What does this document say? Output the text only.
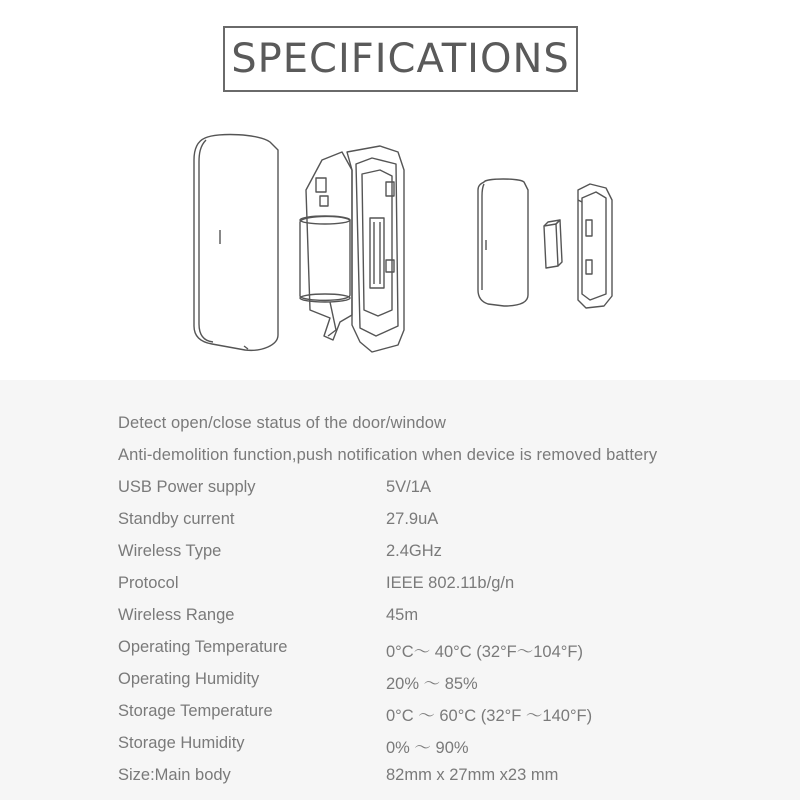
SPECIFICATIONS
Detect open/close status of the door/window
Anti-demolition function,push notification when device is removed battery
USB Power supply	5V/1A
Standby current	27.9uA
Wireless Type	2.4GHz
Protocol	IEEE 802.11b/g/n
Wireless Range	45m
Operating Temperature	0°C～ 40°C (32°F～104°F)
Operating Humidity	20% ～ 85%
Storage Temperature	0°C ～ 60°C (32°F ～140°F)
Storage Humidity	0% ～ 90%
Size:Main body	82mm x 27mm x23 mm
